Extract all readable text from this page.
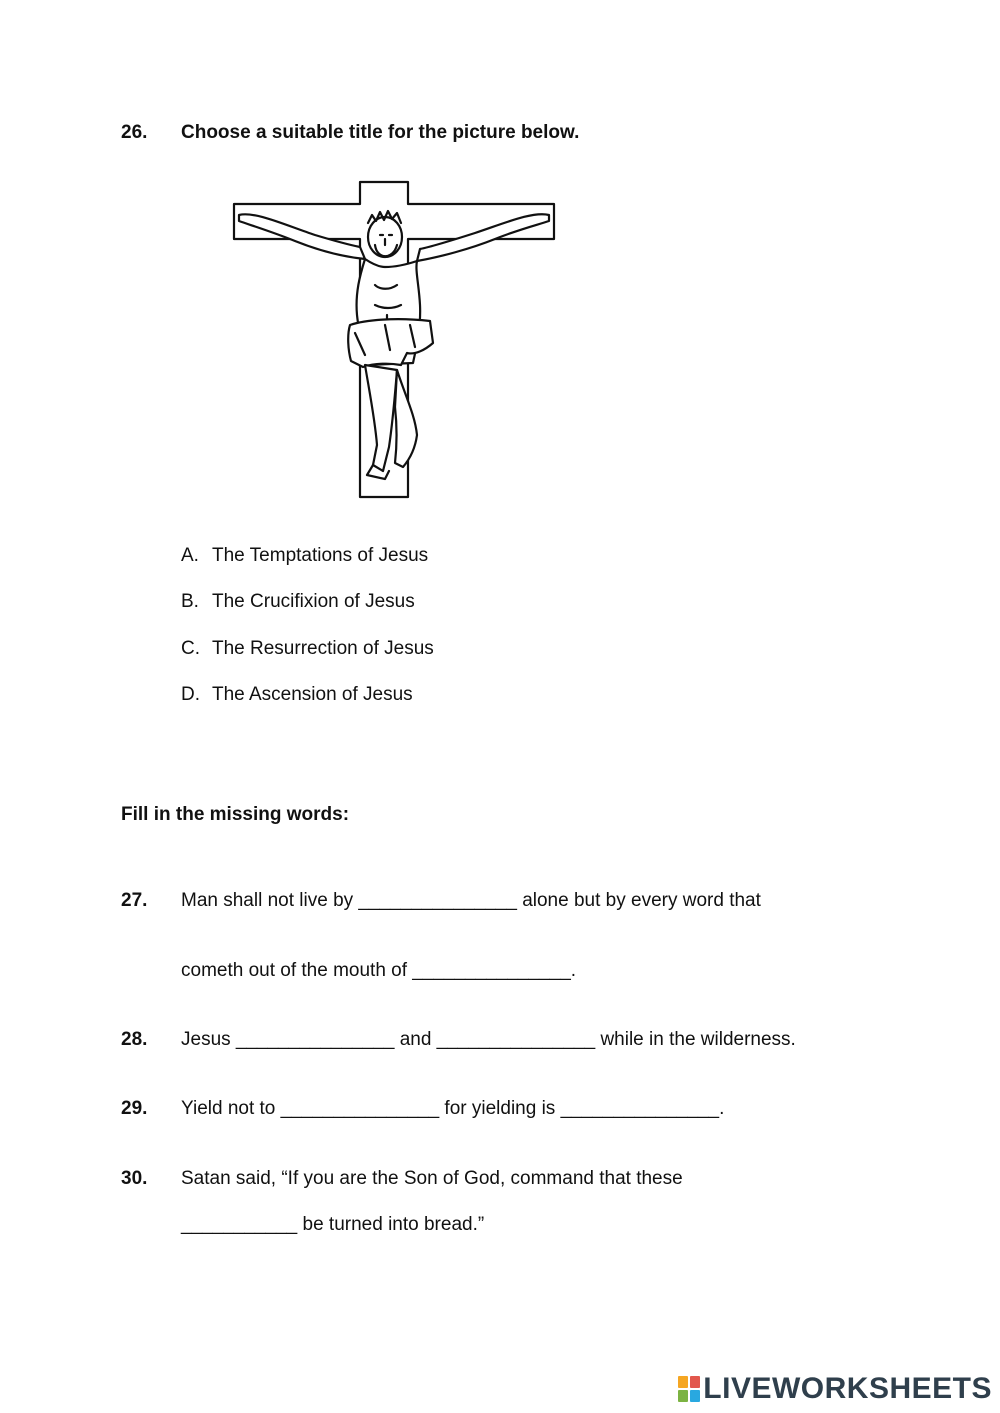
26. Choose a suitable title for the picture below.
A. The Temptations of Jesus
B. The Crucifixion of Jesus
C. The Resurrection of Jesus
D. The Ascension of Jesus
Fill in the missing words:
27. Man shall not live by _______________ alone but by every word that
cometh out of the mouth of _______________.
28. Jesus _______________ and _______________ while in the wilderness.
29. Yield not to _______________ for yielding is _______________.
30. Satan said, “If you are the Son of God, command that these
___________ be turned into bread.”
LIVEWORKSHEETS
